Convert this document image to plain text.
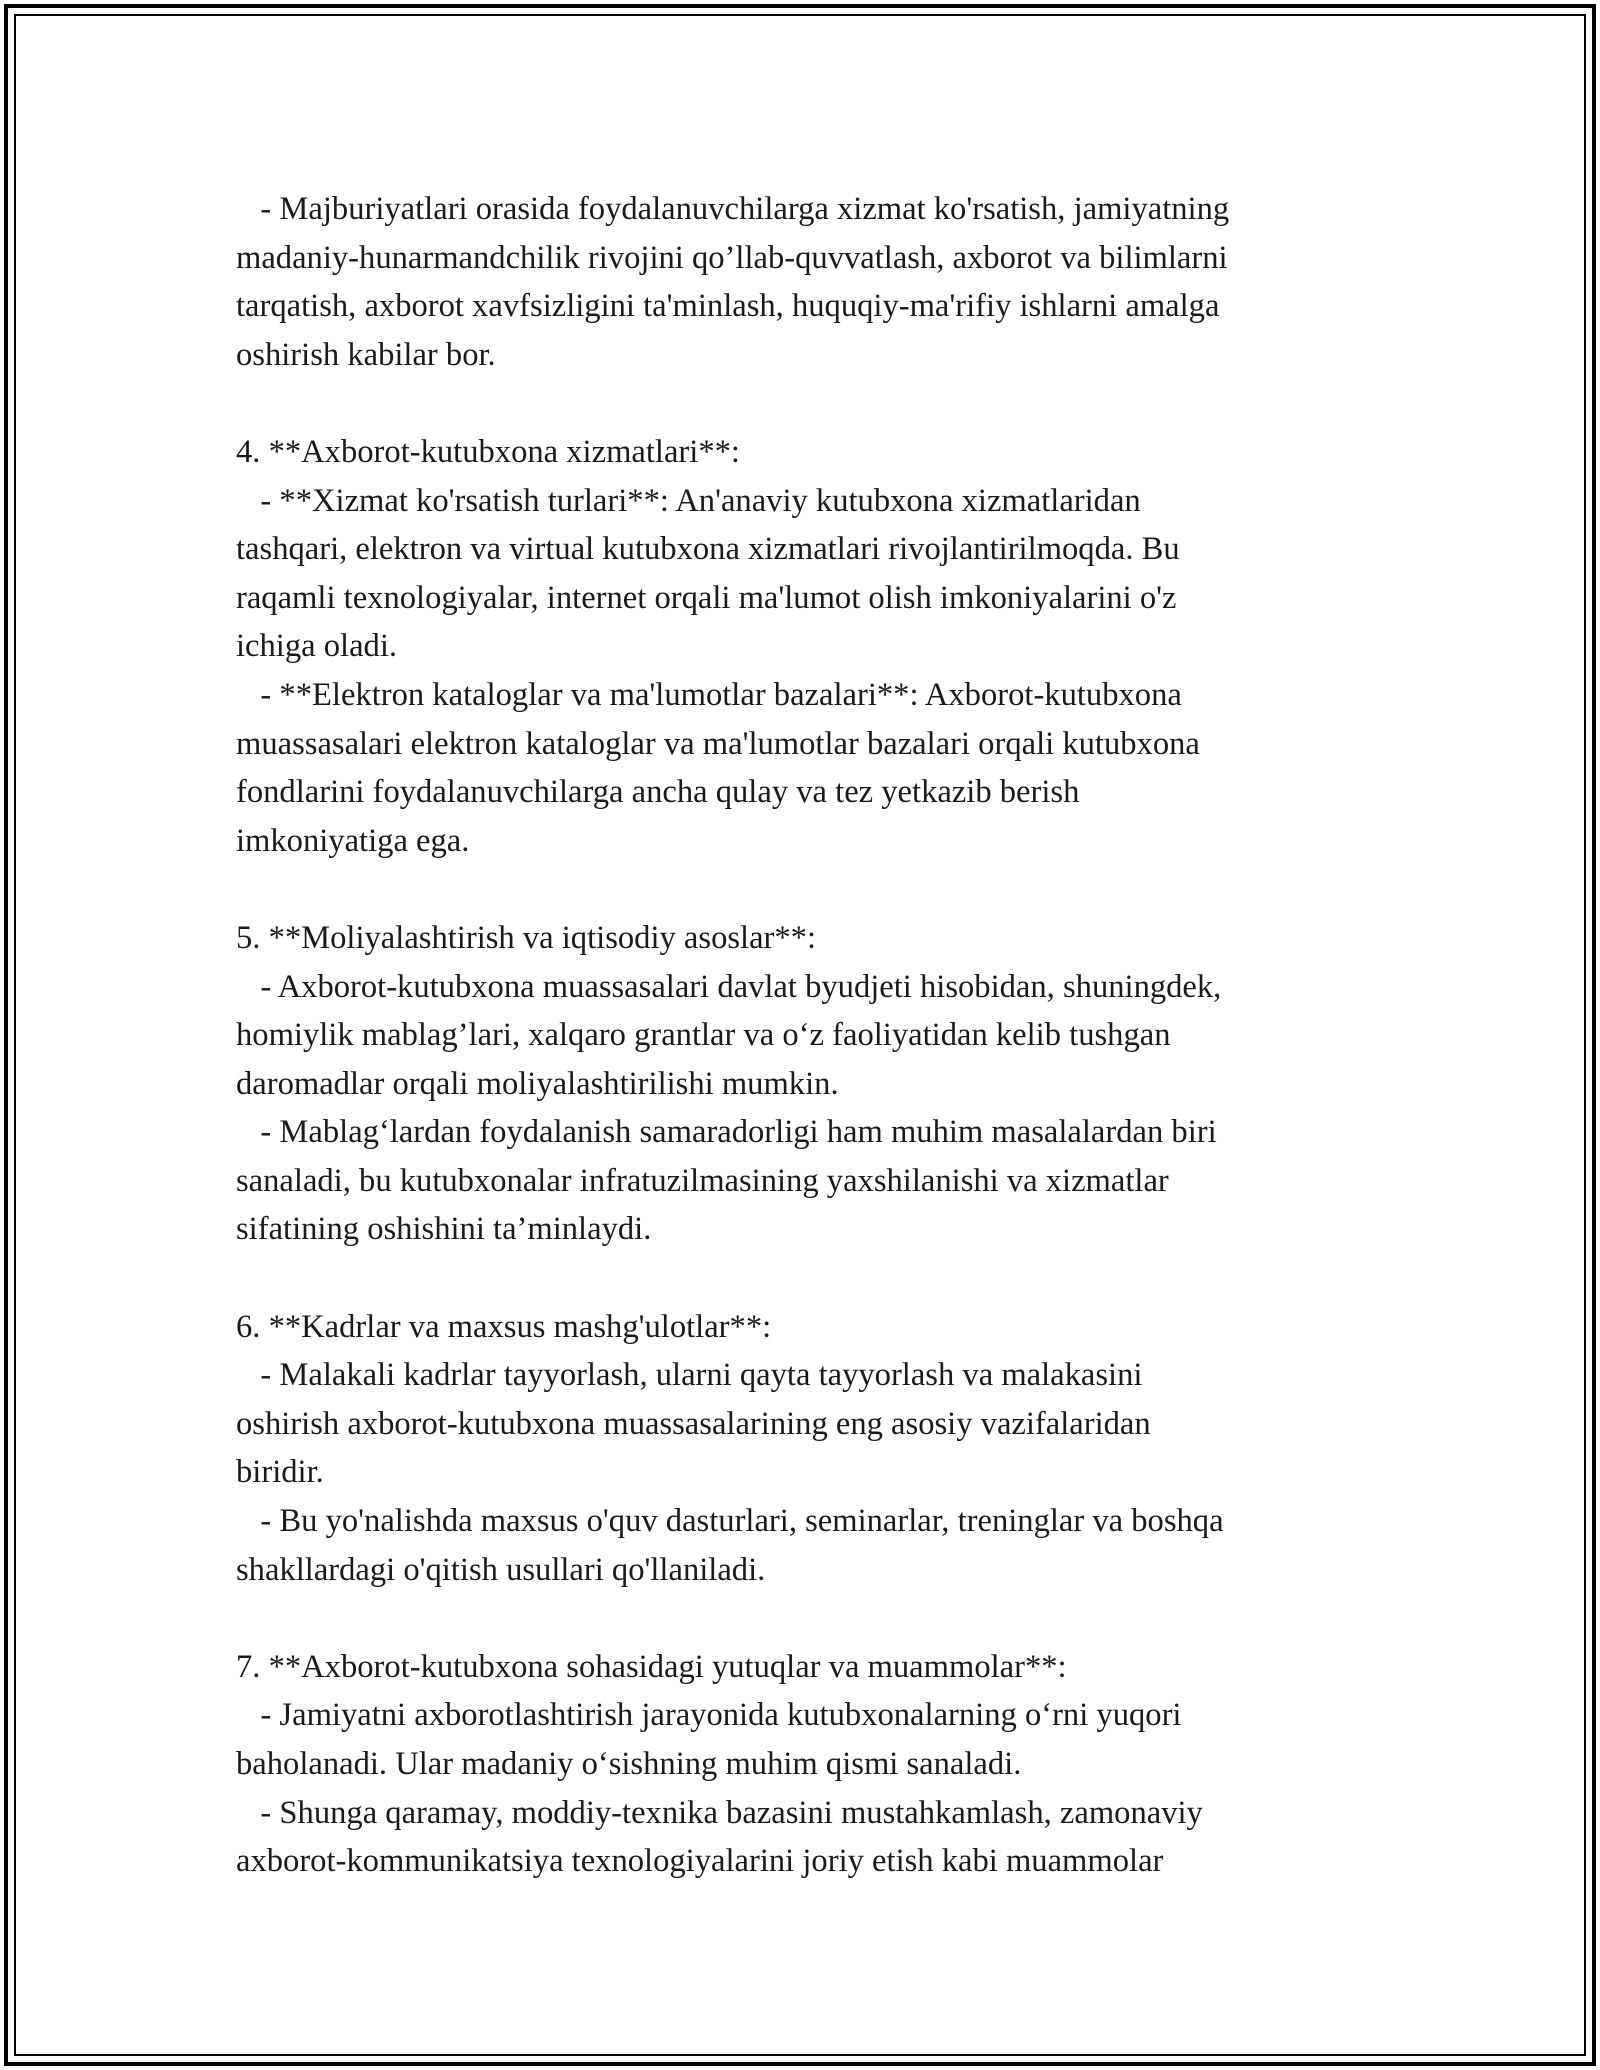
- Majburiyatlari orasida foydalanuvchilarga xizmat ko'rsatish, jamiyatning
madaniy-hunarmandchilik rivojini qo’llab-quvvatlash, axborot va bilimlarni
tarqatish, axborot xavfsizligini ta'minlash, huquqiy-ma'rifiy ishlarni amalga
oshirish kabilar bor.
4. **Axborot-kutubxona xizmatlari**:
- **Xizmat ko'rsatish turlari**: An'anaviy kutubxona xizmatlaridan
tashqari, elektron va virtual kutubxona xizmatlari rivojlantirilmoqda. Bu
raqamli texnologiyalar, internet orqali ma'lumot olish imkoniyalarini o'z
ichiga oladi.
- **Elektron kataloglar va ma'lumotlar bazalari**: Axborot-kutubxona
muassasalari elektron kataloglar va ma'lumotlar bazalari orqali kutubxona
fondlarini foydalanuvchilarga ancha qulay va tez yetkazib berish
imkoniyatiga ega.
5. **Moliyalashtirish va iqtisodiy asoslar**:
- Axborot-kutubxona muassasalari davlat byudjeti hisobidan, shuningdek,
homiylik mablag’lari, xalqaro grantlar va o‘z faoliyatidan kelib tushgan
daromadlar orqali moliyalashtirilishi mumkin.
- Mablag‘lardan foydalanish samaradorligi ham muhim masalalardan biri
sanaladi, bu kutubxonalar infratuzilmasining yaxshilanishi va xizmatlar
sifatining oshishini ta’minlaydi.
6. **Kadrlar va maxsus mashg'ulotlar**:
- Malakali kadrlar tayyorlash, ularni qayta tayyorlash va malakasini
oshirish axborot-kutubxona muassasalarining eng asosiy vazifalaridan
biridir.
- Bu yo'nalishda maxsus o'quv dasturlari, seminarlar, treninglar va boshqa
shakllardagi o'qitish usullari qo'llaniladi.
7. **Axborot-kutubxona sohasidagi yutuqlar va muammolar**:
- Jamiyatni axborotlashtirish jarayonida kutubxonalarning o‘rni yuqori
baholanadi. Ular madaniy o‘sishning muhim qismi sanaladi.
- Shunga qaramay, moddiy-texnika bazasini mustahkamlash, zamonaviy
axborot-kommunikatsiya texnologiyalarini joriy etish kabi muammolar
